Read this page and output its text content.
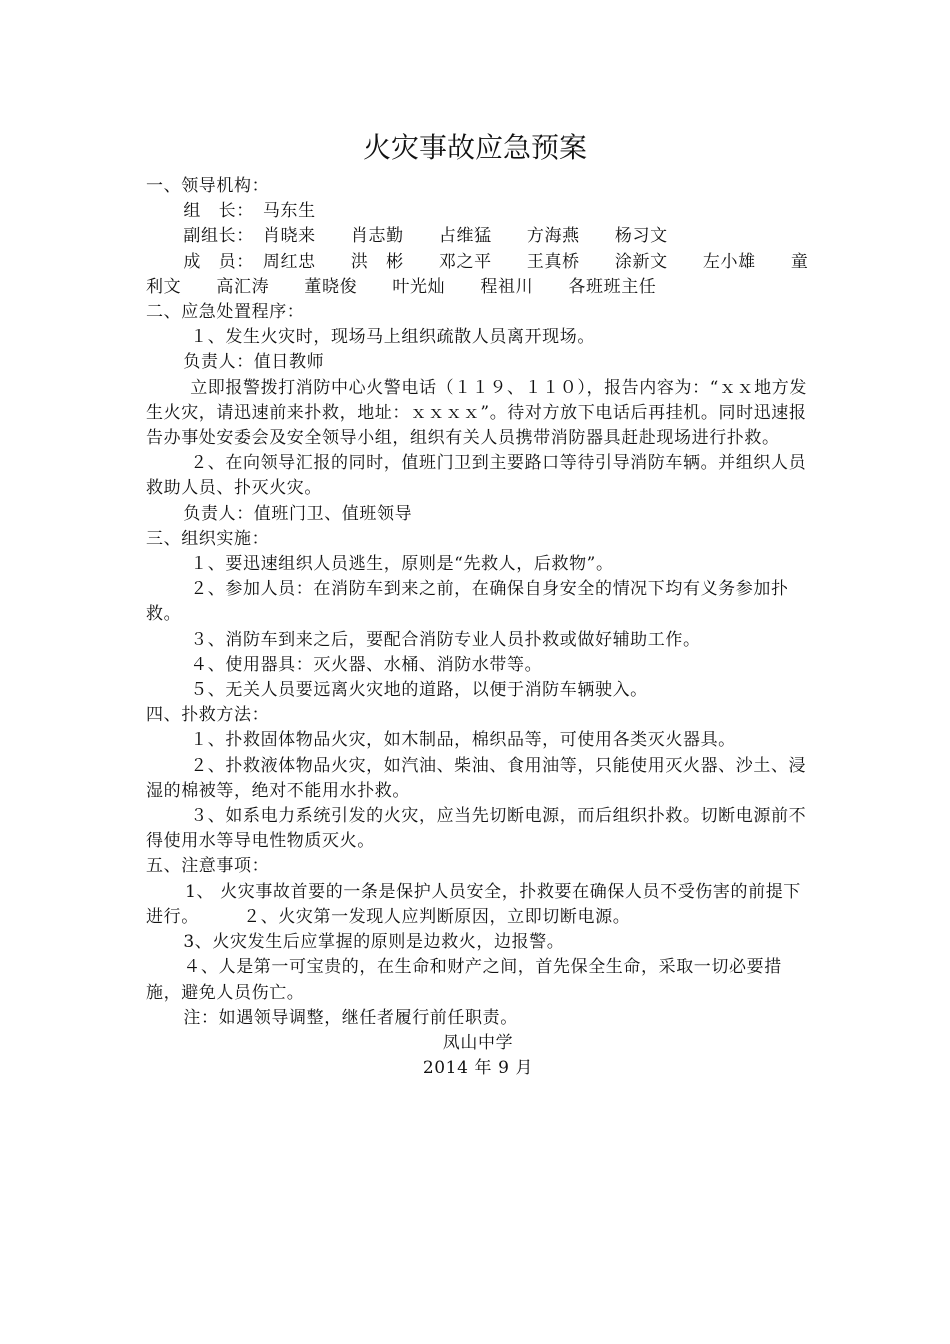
火灾事故应急预案

一、领导机构：

组　长：　马东生

副组长：　肖晓来　　肖志勤　　占维猛　　方海燕　　杨习文

成　员：　周红忠　　洪　彬　　邓之平　　王真桥　　涂新文　　左小雄　　童利文　　高汇涛　　董晓俊　　叶光灿　　程祖川　　各班班主任

二、应急处置程序：

１、发生火灾时，现场马上组织疏散人员离开现场。

负责人：值日教师

立即报警拨打消防中心火警电话（１１９、１１０），报告内容为：“ｘｘ地方发生火灾，请迅速前来扑救，地址：ｘｘｘｘ”。待对方放下电话后再挂机。同时迅速报告办事处安委会及安全领导小组，组织有关人员携带消防器具赶赴现场进行扑救。

２、在向领导汇报的同时，值班门卫到主要路口等待引导消防车辆。并组织人员救助人员、扑灭火灾。

负责人：值班门卫、值班领导

三、组织实施：

１、要迅速组织人员逃生，原则是“先救人，后救物”。

２、参加人员：在消防车到来之前，在确保自身安全的情况下均有义务参加扑救。

３、消防车到来之后，要配合消防专业人员扑救或做好辅助工作。

４、使用器具：灭火器、水桶、消防水带等。

５、无关人员要远离火灾地的道路，以便于消防车辆驶入。

四、扑救方法：

１、扑救固体物品火灾，如木制品，棉织品等，可使用各类灭火器具。

２、扑救液体物品火灾，如汽油、柴油、食用油等，只能使用灭火器、沙土、浸湿的棉被等，绝对不能用水扑救。

３、如系电力系统引发的火灾，应当先切断电源，而后组织扑救。切断电源前不得使用水等导电性物质灭火。

五、注意事项：

1、 火灾事故首要的一条是保护人员安全，扑救要在确保人员不受伤害的前提下进行。　　　２、火灾第一发现人应判断原因，立即切断电源。

3、火灾发生后应掌握的原则是边救火，边报警。

４、人是第一可宝贵的，在生命和财产之间，首先保全生命，采取一切必要措施，避免人员伤亡。

注：如遇领导调整，继任者履行前任职责。

凤山中学

2014 年 9 月
